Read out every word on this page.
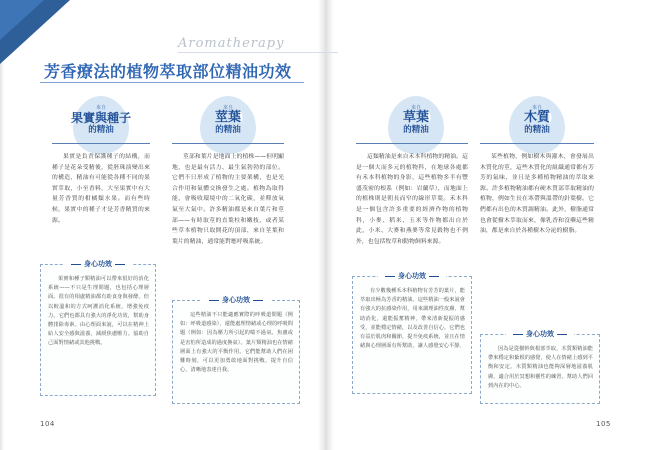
Aromatherapy
芳香療法的植物萃取部位精油功效
來自
果實與種子
的精油
果實是負責保護種子的結構，而種子是花朵受精後，從胚珠演變出來的構造，精油有可能從各種不同的果實萃取，小至香料，大至果實中有大量芳香質的柑橘類水果。而有些時候，果實中的種子才是芳香精質的來源。
身心功效
果實和種子類精油可以帶來很好的消化系統——不只是生理問題，也包括心理層面。很有的相處精油都有助食身與發酵。但以較溫和的方式呵護消化系統，增強免疫力。它們也都具有強大的淨化功效，幫助身體排除毒素。由心理面來說，可以在精神上給人安全感與滋養，減緩焦慮壓力。協助自己面對情緒或其他挑戰。
來自
莖葉
的精油
莖部和葉片是地面上的植株——但明顯地，也是最有活力、最生氣勃勃的部位。它們不只形成了植物的主要架構，也是光合作用和氣體交換發生之處。植物為取得能，會吸收環境中的二氧化碳，並釋放氧氣至大氣中。許多精油都是來自葉片和莖部——有時取莖的直葉柱和嫩枝，或者某些草本植物只取開花的頂部，來自莖葉和葉片的精油，通常能對應呼吸系統。
身心功效
這些精油不只能適應實際的呼吸道問題（例如：呼吸道感染），還能處理情緒或心理的呼吸問題（例如：因為壓力所引起的喘不過氣、焦慮或是害怕所造成的過度換氣）。葉片類精油也在情緒層面上有強大的平衡作用，它們能幫助人們在困難時刻，可以更加勇敢地面對挑戰，提升自信心，清晰地表達自我。
來自
草葉
的精油
這類精油是來自禾本科植物的精油。這是一個大而多元的植物科，在地球各處都有禾本科植物的身影，這些植物多半有豐盛茂密的根系（例如：岩蘭草），而地面上的植株則是朝長而窄的線形草葉。禾本科是一個包含許多重要的經濟作物的植物科，小麥、稻米、玉米等作物都出自於此，小米、大麥和燕麥等常見穀物也不例外，也包括牧草和動物飼料來源。
身心功效
有少數幾種禾本科植物有芳芳的葉片，能萃取出極為芳香的精油。這些精油一般來說會有強大的抗感染作用，用來調理油性皮膚、幫助消化，還能振奮精神，帶來清新提振的感受，並能穩定情緒，以及改善自信心。它們也有益於肌肉和關節，提升免疫系統，並且在情緒與心理層面有所幫助，讓人感覺安心平靜。
來自
木質
的精油
某些植物，例如樹木與灌木，會發展出木質化的莖，這些木質化的組織通常都有芳芳的氣味，並且是多種植物精油的萃取來源。許多植物精油都有硬木質部萃取精油的植物，例如生長在寒帶與溫帶的針葉樹。它們都有出色的木質調精油。此外，樹脂通常也會從樹木萃取而來，像乳香和沒藥這些精油，都是來自於各種樹木分泌的樹脂。
身心功效
因為是從樹幹與根部萃取，木質類精油能帶來穩定和紮根的感覺，使人在情緒上感到平衡和安定。木質類精油也能夠深層地滋養肌膚，適合用於冥想和靈性的練習，幫助人們回到內在的中心。
104	105
